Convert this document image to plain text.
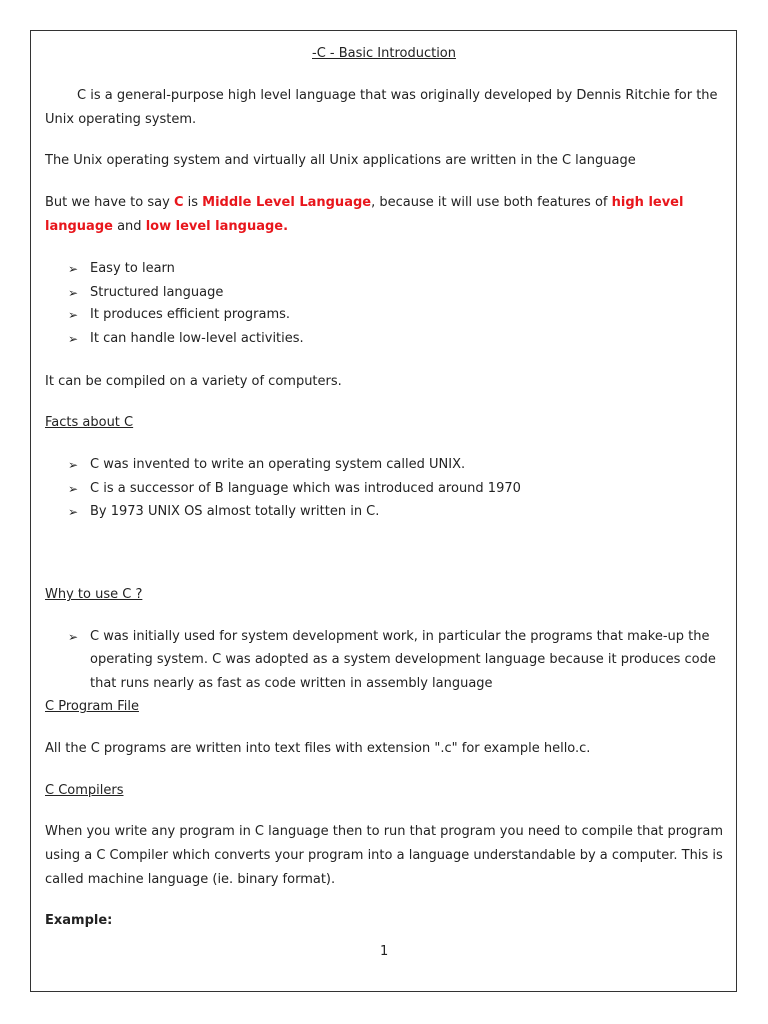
-C - Basic Introduction

C is a general-purpose high level language that was originally developed by Dennis Ritchie for the

Unix operating system.

The Unix operating system and virtually all Unix applications are written in the C language

But we have to say C is Middle Level Language, because it will use both features of high level

language and low level language.

➢ Easy to learn

➢ Structured language

➢ It produces efficient programs.

➢ It can handle low-level activities.

It can be compiled on a variety of computers.

Facts about C

➢ C was invented to write an operating system called UNIX.

➢ C is a successor of B language which was introduced around 1970

➢ By 1973 UNIX OS almost totally written in C.

Why to use C ?

➢ C was initially used for system development work, in particular the programs that make-up the

operating system. C was adopted as a system development language because it produces code

that runs nearly as fast as code written in assembly language

C Program File

All the C programs are written into text files with extension ".c" for example hello.c.

C Compilers

When you write any program in C language then to run that program you need to compile that program

using a C Compiler which converts your program into a language understandable by a computer. This is

called machine language (ie. binary format).

Example:

1
